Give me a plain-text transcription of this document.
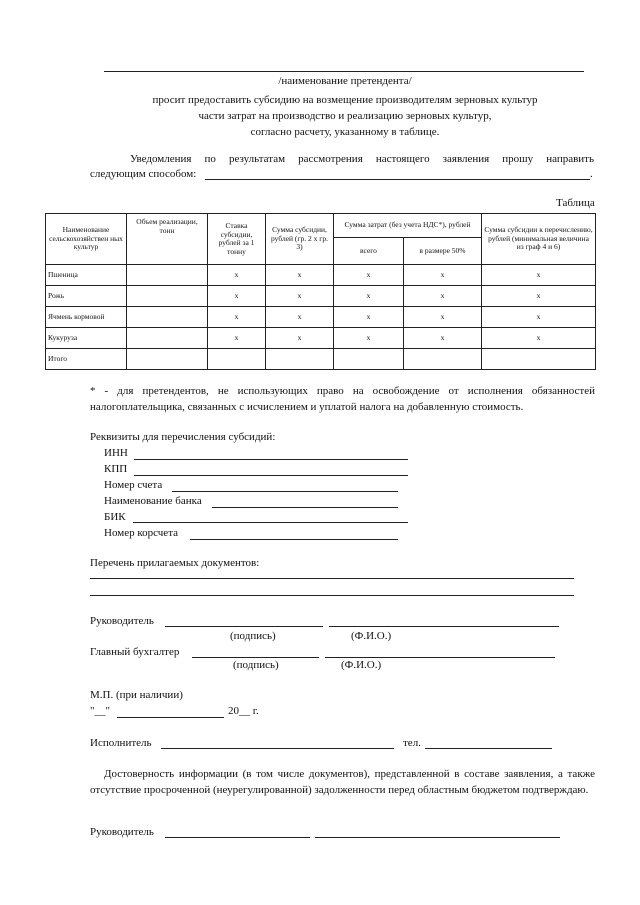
/наименование претендента/
просит предоставить субсидию на возмещение производителям зерновых культур
части затрат на производство и реализацию зерновых культур,
согласно расчету, указанному в таблице.
Уведомления по результатам рассмотрения настоящего заявления прошу направить
следующим способом:	.
Таблица
Наименование сельскохозяйствен ных культур	Объем реализации, тонн	Ставка субсидии, рублей за 1 тонну	Сумма субсидии, рублей (гр. 2 х гр. 3)	Сумма затрат (без учета НДС*), рублей		Сумма субсидии к перечислению, рублей (минимальная величина из граф 4 и 6)
				всего	в размере 50%	
Пшеница		х	х	х	х	х
Рожь		х	х	х	х	х
Ячмень кормовой		х	х	х	х	х
Кукуруза		х	х	х	х	х
Итого						
* - для претендентов, не использующих право на освобождение от исполнения обязанностей налогоплательщика, связанных с исчислением и уплатой налога на добавленную стоимость.
Реквизиты для перечисления субсидий:
ИНН
КПП
Номер счета
Наименование банка
БИК
Номер корсчета
Перечень прилагаемых документов:
Руководитель
(подпись)	(Ф.И.О.)
Главный бухгалтер
(подпись)	(Ф.И.О.)
М.П. (при наличии)
"__"	20__ г.
Исполнитель	тел.
Достоверность информации (в том числе документов), представленной в составе заявления, а также отсутствие просроченной (неурегулированной) задолженности перед областным бюджетом подтверждаю.
Руководитель
